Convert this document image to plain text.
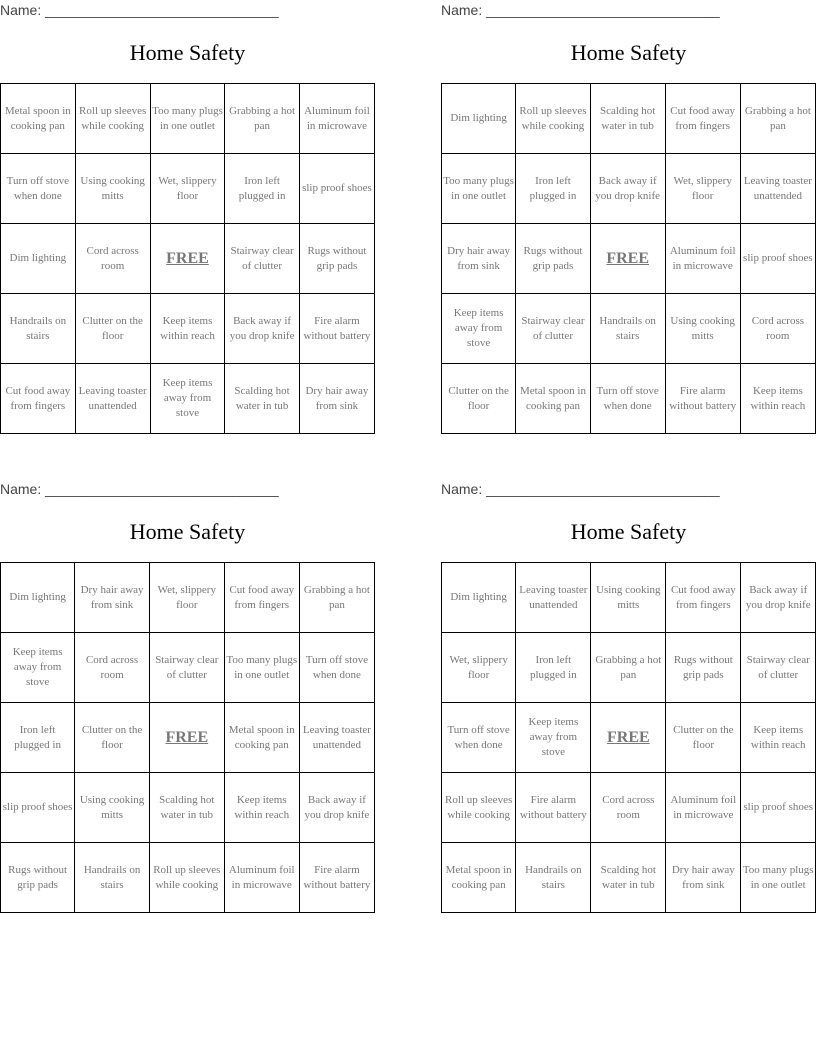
Name: ______________________________
Home Safety
Metal spoon in cooking pan	Roll up sleeves while cooking	Too many plugs in one outlet	Grabbing a hot pan	Aluminum foil in microwave
Turn off stove when done	Using cooking mitts	Wet, slippery floor	Iron left plugged in	slip proof shoes
Dim lighting	Cord across room	FREE	Stairway clear of clutter	Rugs without grip pads
Handrails on stairs	Clutter on the floor	Keep items within reach	Back away if you drop knife	Fire alarm without battery
Cut food away from fingers	Leaving toaster unattended	Keep items away from stove	Scalding hot water in tub	Dry hair away from sink
Name: ______________________________
Home Safety
Dim lighting	Roll up sleeves while cooking	Scalding hot water in tub	Cut food away from fingers	Grabbing a hot pan
Too many plugs in one outlet	Iron left plugged in	Back away if you drop knife	Wet, slippery floor	Leaving toaster unattended
Dry hair away from sink	Rugs without grip pads	FREE	Aluminum foil in microwave	slip proof shoes
Keep items away from stove	Stairway clear of clutter	Handrails on stairs	Using cooking mitts	Cord across room
Clutter on the floor	Metal spoon in cooking pan	Turn off stove when done	Fire alarm without battery	Keep items within reach
Name: ______________________________
Home Safety
Dim lighting	Dry hair away from sink	Wet, slippery floor	Cut food away from fingers	Grabbing a hot pan
Keep items away from stove	Cord across room	Stairway clear of clutter	Too many plugs in one outlet	Turn off stove when done
Iron left plugged in	Clutter on the floor	FREE	Metal spoon in cooking pan	Leaving toaster unattended
slip proof shoes	Using cooking mitts	Scalding hot water in tub	Keep items within reach	Back away if you drop knife
Rugs without grip pads	Handrails on stairs	Roll up sleeves while cooking	Aluminum foil in microwave	Fire alarm without battery
Name: ______________________________
Home Safety
Dim lighting	Leaving toaster unattended	Using cooking mitts	Cut food away from fingers	Back away if you drop knife
Wet, slippery floor	Iron left plugged in	Grabbing a hot pan	Rugs without grip pads	Stairway clear of clutter
Turn off stove when done	Keep items away from stove	FREE	Clutter on the floor	Keep items within reach
Roll up sleeves while cooking	Fire alarm without battery	Cord across room	Aluminum foil in microwave	slip proof shoes
Metal spoon in cooking pan	Handrails on stairs	Scalding hot water in tub	Dry hair away from sink	Too many plugs in one outlet
